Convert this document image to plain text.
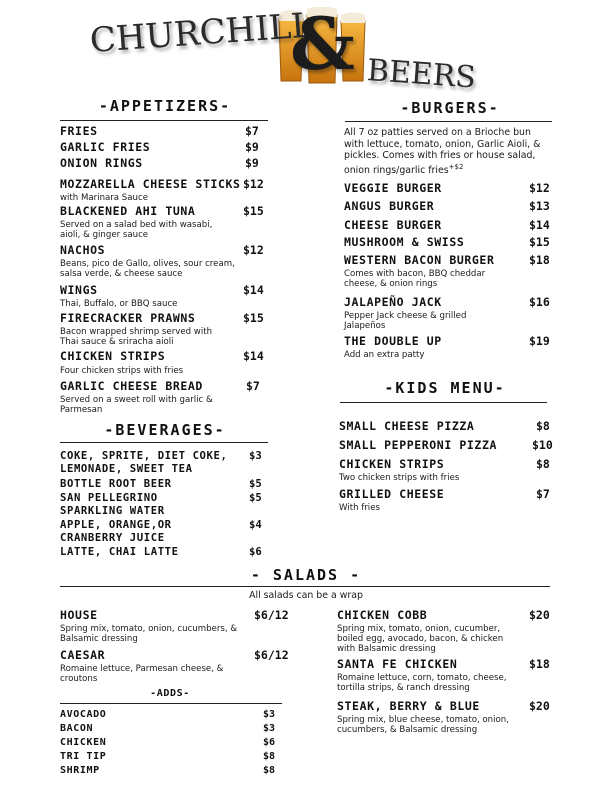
CHURCHILL
& BEERS
-APPETIZERS-
FRIES	$7
GARLIC FRIES	$9
ONION RINGS	$9
MOZZARELLA CHEESE STICKS $12
with Marinara Sauce
BLACKENED AHI TUNA	$15
Served on a salad bed with wasabi, aioli, & ginger sauce
NACHOS	$12
Beans, pico de Gallo, olives, sour cream, salsa verde, & cheese sauce
WINGS	$14
Thai, Buffalo, or BBQ sauce
FIRECRACKER PRAWNS	$15
Bacon wrapped shrimp served with Thai sauce & sriracha aioli
CHICKEN STRIPS	$14
Four chicken strips with fries
GARLIC CHEESE BREAD	$7
Served on a sweet roll with garlic & Parmesan
-BEVERAGES-
COKE, SPRITE, DIET COKE, LEMONADE, SWEET TEA
$3
BOTTLE ROOT BEER	$5
SAN PELLEGRINO SPARKLING WATER
$5
APPLE, ORANGE,OR CRANBERRY JUICE
$4
LATTE, CHAI LATTE	$6
-BURGERS-
All 7 oz patties served on a Brioche bun with lettuce, tomato, onion, Garlic Aioli, & pickles. Comes with fries or house salad, onion rings/garlic fries$^{+\$2}$
VEGGIE BURGER	$12
ANGUS BURGER	$13
CHEESE BURGER	$14
MUSHROOM & SWISS	$15
WESTERN BACON BURGER	$18
Comes with bacon, BBQ cheddar cheese, & onion rings
JALAPEÑO JACK	$16
Pepper Jack cheese & grilled Jalapeños
THE DOUBLE UP	$19
Add an extra patty
-KIDS MENU-
SMALL CHEESE PIZZA	$8
SMALL PEPPERONI PIZZA	$10
CHICKEN STRIPS	$8
Two chicken strips with fries
GRILLED CHEESE	$7
With fries
- SALADS -
All salads can be a wrap
HOUSE	$6/12
Spring mix, tomato, onion, cucumbers, & Balsamic dressing
CAESAR	$6/12
Romaine lettuce, Parmesan cheese, & croutons
-ADDS-
AVOCADO	$3
BACON	$3
CHICKEN	$6
TRI TIP	$8
SHRIMP	$8
CHICKEN COBB	$20
Spring mix, tomato, onion, cucumber, boiled egg, avocado, bacon, & chicken with Balsamic dressing
SANTA FE CHICKEN	$18
Romaine lettuce, corn, tomato, cheese, tortilla strips, & ranch dressing
STEAK, BERRY & BLUE	$20
Spring mix, blue cheese, tomato, onion, cucumbers, & Balsamic dressing
